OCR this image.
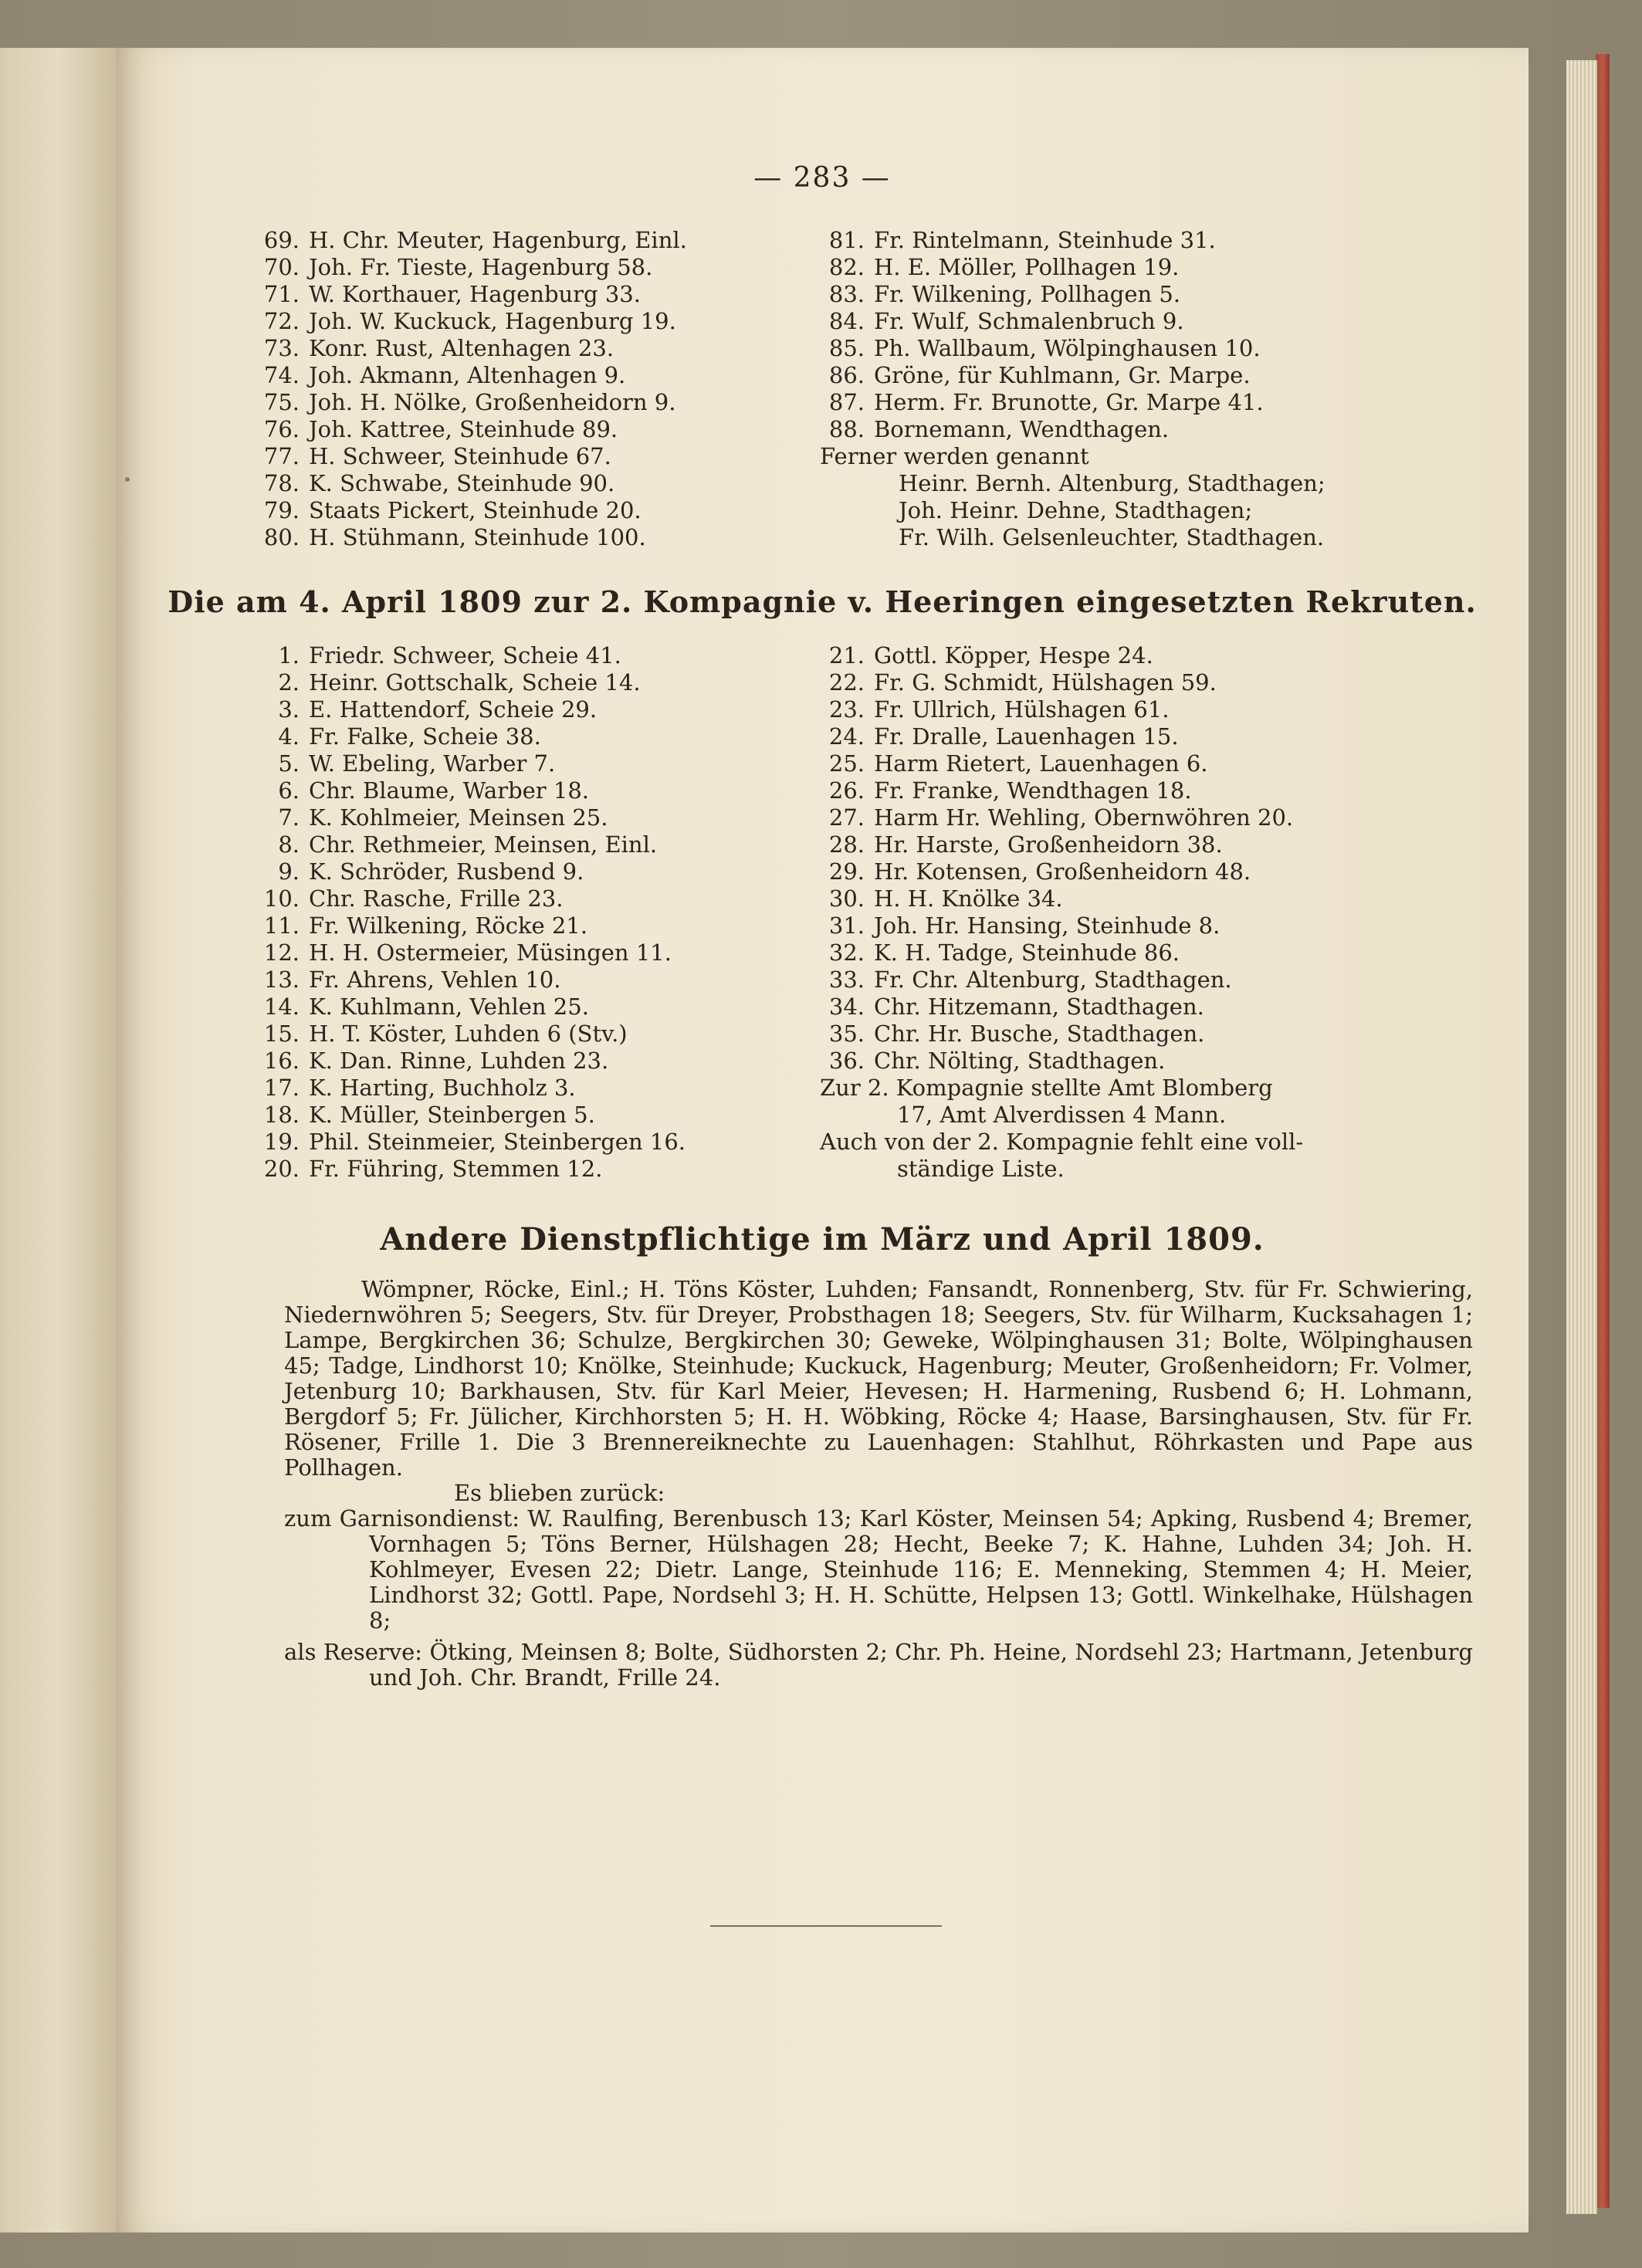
— 283 —
69. H. Chr. Meuter, Hagenburg, Einl.
70. Joh. Fr. Tieste, Hagenburg 58.
71. W. Korthauer, Hagenburg 33.
72. Joh. W. Kuckuck, Hagenburg 19.
73. Konr. Rust, Altenhagen 23.
74. Joh. Akmann, Altenhagen 9.
75. Joh. H. Nölke, Großenheidorn 9.
76. Joh. Kattree, Steinhude 89.
77. H. Schweer, Steinhude 67.
78. K. Schwabe, Steinhude 90.
79. Staats Pickert, Steinhude 20.
80. H. Stühmann, Steinhude 100.
81. Fr. Rintelmann, Steinhude 31.
82. H. E. Möller, Pollhagen 19.
83. Fr. Wilkening, Pollhagen 5.
84. Fr. Wulf, Schmalenbruch 9.
85. Ph. Wallbaum, Wölpinghausen 10.
86. Gröne, für Kuhlmann, Gr. Marpe.
87. Herm. Fr. Brunotte, Gr. Marpe 41.
88. Bornemann, Wendthagen.
Ferner werden genannt
Heinr. Bernh. Altenburg, Stadthagen;
Joh. Heinr. Dehne, Stadthagen;
Fr. Wilh. Gelsenleuchter, Stadthagen.
Die am 4. April 1809 zur 2. Kompagnie v. Heeringen eingesetzten Rekruten.
1. Friedr. Schweer, Scheie 41.
2. Heinr. Gottschalk, Scheie 14.
3. E. Hattendorf, Scheie 29.
4. Fr. Falke, Scheie 38.
5. W. Ebeling, Warber 7.
6. Chr. Blaume, Warber 18.
7. K. Kohlmeier, Meinsen 25.
8. Chr. Rethmeier, Meinsen, Einl.
9. K. Schröder, Rusbend 9.
10. Chr. Rasche, Frille 23.
11. Fr. Wilkening, Röcke 21.
12. H. H. Ostermeier, Müsingen 11.
13. Fr. Ahrens, Vehlen 10.
14. K. Kuhlmann, Vehlen 25.
15. H. T. Köster, Luhden 6 (Stv.)
16. K. Dan. Rinne, Luhden 23.
17. K. Harting, Buchholz 3.
18. K. Müller, Steinbergen 5.
19. Phil. Steinmeier, Steinbergen 16.
20. Fr. Führing, Stemmen 12.
21. Gottl. Köpper, Hespe 24.
22. Fr. G. Schmidt, Hülshagen 59.
23. Fr. Ullrich, Hülshagen 61.
24. Fr. Dralle, Lauenhagen 15.
25. Harm Rietert, Lauenhagen 6.
26. Fr. Franke, Wendthagen 18.
27. Harm Hr. Wehling, Obernwöhren 20.
28. Hr. Harste, Großenheidorn 38.
29. Hr. Kotensen, Großenheidorn 48.
30. H. H. Knölke 34.
31. Joh. Hr. Hansing, Steinhude 8.
32. K. H. Tadge, Steinhude 86.
33. Fr. Chr. Altenburg, Stadthagen.
34. Chr. Hitzemann, Stadthagen.
35. Chr. Hr. Busche, Stadthagen.
36. Chr. Nölting, Stadthagen.
Zur 2. Kompagnie stellte Amt Blomberg
17, Amt Alverdissen 4 Mann.
Auch von der 2. Kompagnie fehlt eine voll-
ständige Liste.
Andere Dienstpflichtige im März und April 1809.

Wömpner, Röcke, Einl.; H. Töns Köster, Luhden; Fansandt, Ronnenberg, Stv. für Fr. Schwiering, Niedernwöhren 5; Seegers, Stv. für Dreyer, Probsthagen 18; Seegers, Stv. für Wilharm, Kucksahagen 1; Lampe, Bergkirchen 36; Schulze, Bergkirchen 30; Geweke, Wölpinghausen 31; Bolte, Wölpinghausen 45; Tadge, Lindhorst 10; Knölke, Steinhude; Kuckuck, Hagenburg; Meuter, Großenheidorn; Fr. Volmer, Jetenburg 10; Barkhausen, Stv. für Karl Meier, Hevesen; H. Harmening, Rusbend 6; H. Lohmann, Bergdorf 5; Fr. Jülicher, Kirchhorsten 5; H. H. Wöbking, Röcke 4; Haase, Barsinghausen, Stv. für Fr. Rösener, Frille 1. Die 3 Brennereiknechte zu Lauenhagen: Stahlhut, Röhrkasten und Pape aus Pollhagen.

Es blieben zurück:

zum Garnisondienst: W. Raulfing, Berenbusch 13; Karl Köster, Meinsen 54; Apking, Rusbend 4; Bremer, Vornhagen 5; Töns Berner, Hülshagen 28; Hecht, Beeke 7; K. Hahne, Luhden 34; Joh. H. Kohlmeyer, Evesen 22; Dietr. Lange, Steinhude 116; E. Menneking, Stemmen 4; H. Meier, Lindhorst 32; Gottl. Pape, Nordsehl 3; H. H. Schütte, Helpsen 13; Gottl. Winkelhake, Hülshagen 8;

als Reserve: Ötking, Meinsen 8; Bolte, Südhorsten 2; Chr. Ph. Heine, Nordsehl 23; Hartmann, Jetenburg und Joh. Chr. Brandt, Frille 24.
